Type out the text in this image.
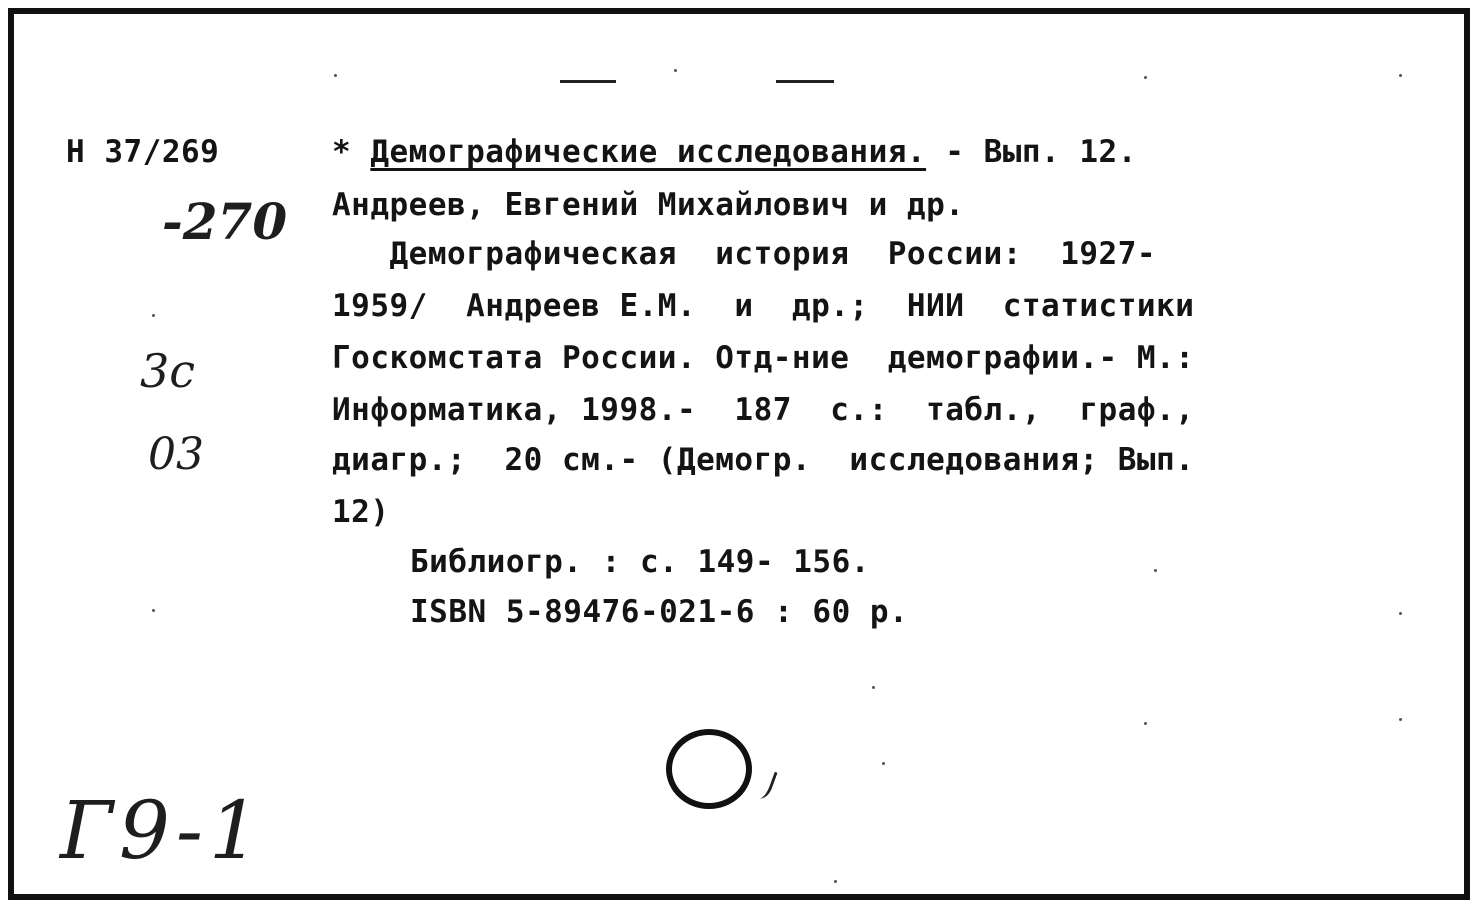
Н 37/269
-270
3с
03
Г9-1
* Демографические исследования. - Вып. 12.
Андреев, Евгений Михайлович и др.
Демографическая  история  России:  1927-
1959/  Андреев Е.М.  и  др.;  НИИ  статистики
Госкомстата России. Отд-ние  демографии.- М.:
Информатика, 1998.-  187  с.:  табл.,  граф.,
диагр.;  20 см.- (Демогр.  исследования; Вып.
12)
Библиогр. : с. 149- 156.
ISBN 5-89476-021-6 : 60 р.
